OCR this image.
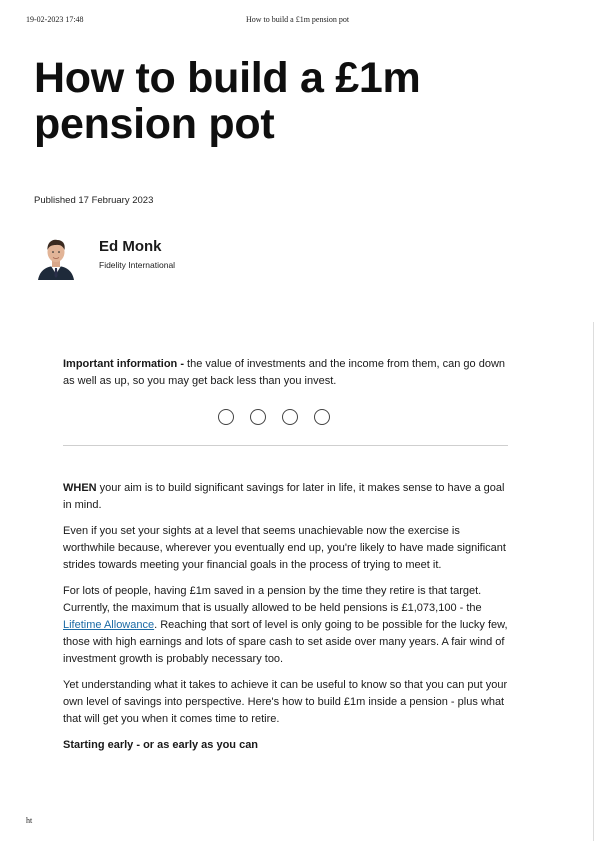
19-02-2023 17:48	How to build a £1m pension pot
How to build a £1m pension pot
Published 17 February 2023
Ed Monk
Fidelity International

Important information - the value of investments and the income from them, can go down as well as up, so you may get back less than you invest.

WHEN your aim is to build significant savings for later in life, it makes sense to have a goal in mind.

Even if you set your sights at a level that seems unachievable now the exercise is worthwhile because, wherever you eventually end up, you're likely to have made significant strides towards meeting your financial goals in the process of trying to meet it.

For lots of people, having £1m saved in a pension by the time they retire is that target. Currently, the maximum that is usually allowed to be held pensions is £1,073,100 - the Lifetime Allowance. Reaching that sort of level is only going to be possible for the lucky few, those with high earnings and lots of spare cash to set aside over many years. A fair wind of investment growth is probably necessary too.

Yet understanding what it takes to achieve it can be useful to know so that you can put your own level of savings into perspective. Here's how to build £1m inside a pension - plus what that will get you when it comes time to retire.

Starting early - or as early as you can

ht
